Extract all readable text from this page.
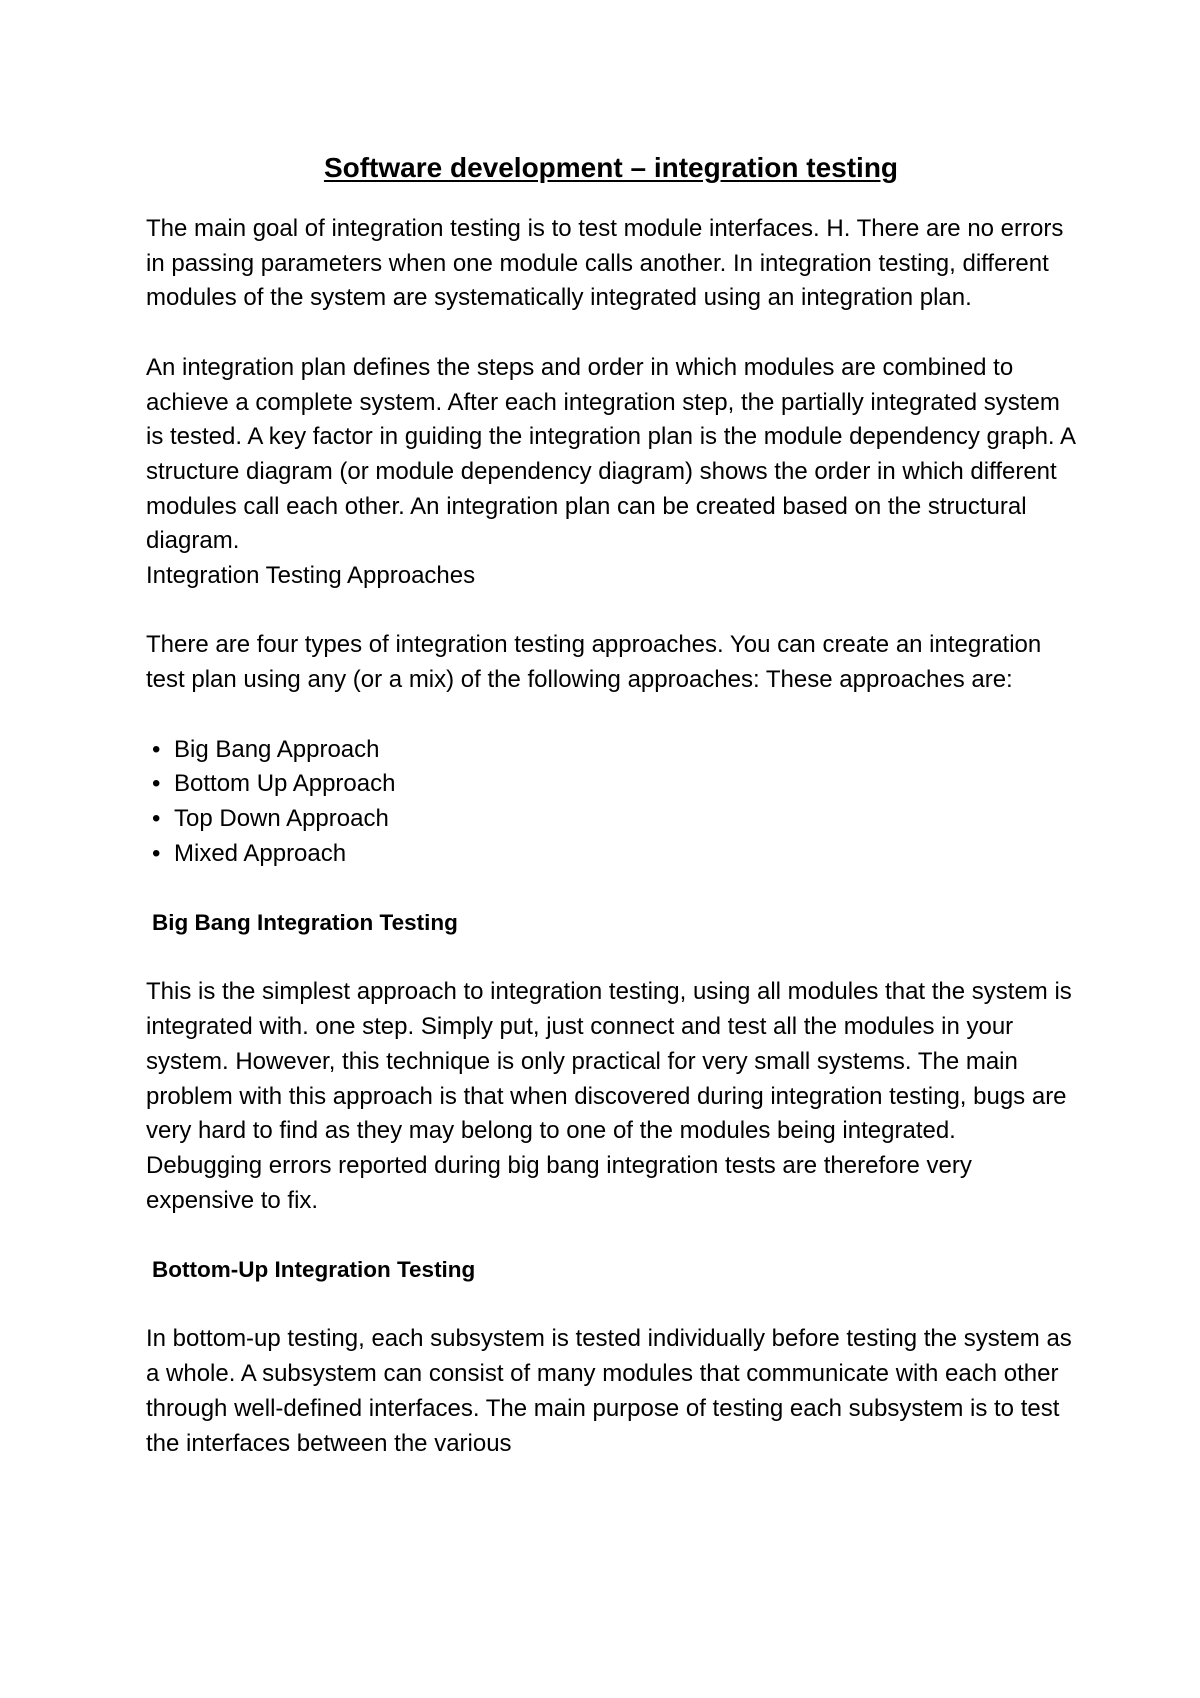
Software development – integration testing

The main goal of integration testing is to test module interfaces. H. There are no errors in passing parameters when one module calls another. In integration testing, different modules of the system are systematically integrated using an integration plan.

An integration plan defines the steps and order in which modules are combined to achieve a complete system. After each integration step, the partially integrated system is tested. A key factor in guiding the integration plan is the module dependency graph. A structure diagram (or module dependency diagram) shows the order in which different modules call each other. An integration plan can be created based on the structural diagram.

Integration Testing Approaches

There are four types of integration testing approaches. You can create an integration test plan using any (or a mix) of the following approaches: These approaches are:

• Big Bang Approach
• Bottom Up Approach
• Top Down Approach
• Mixed Approach

Big Bang Integration Testing

This is the simplest approach to integration testing, using all modules that the system is integrated with. one step. Simply put, just connect and test all the modules in your system. However, this technique is only practical for very small systems. The main problem with this approach is that when discovered during integration testing, bugs are very hard to find as they may belong to one of the modules being integrated. Debugging errors reported during big bang integration tests are therefore very expensive to fix.

Bottom-Up Integration Testing

In bottom-up testing, each subsystem is tested individually before testing the system as a whole. A subsystem can consist of many modules that communicate with each other through well-defined interfaces. The main purpose of testing each subsystem is to test the interfaces between the various
